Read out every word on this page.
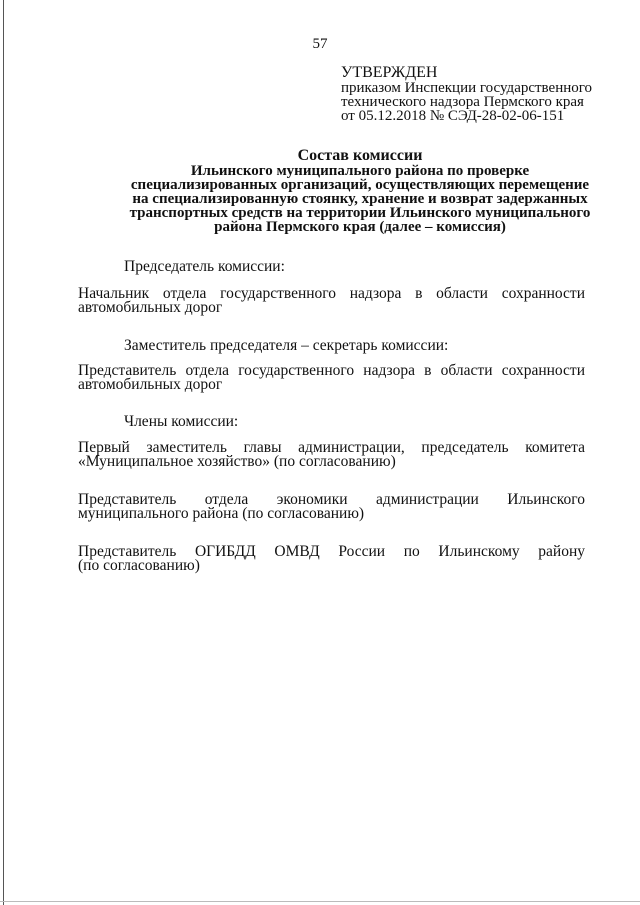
57
УТВЕРЖДЕН
приказом Инспекции государственного
технического надзора Пермского края
от 05.12.2018 № СЭД-28-02-06-151
Состав комиссии
Ильинского муниципального района по проверке
специализированных организаций, осуществляющих перемещение
на специализированную стоянку, хранение и возврат задержанных
транспортных средств на территории Ильинского муниципального
района Пермского края (далее – комиссия)
Председатель комиссии:
Начальник отдела государственного надзора в области сохранности
автомобильных дорог
Заместитель председателя – секретарь комиссии:
Представитель отдела государственного надзора в области сохранности
автомобильных дорог
Члены комиссии:
Первый заместитель главы администрации, председатель комитета
«Муниципальное хозяйство» (по согласованию)
Представитель отдела экономики администрации Ильинского
муниципального района (по согласованию)
Представитель ОГИБДД ОМВД России по Ильинскому району
(по согласованию)
